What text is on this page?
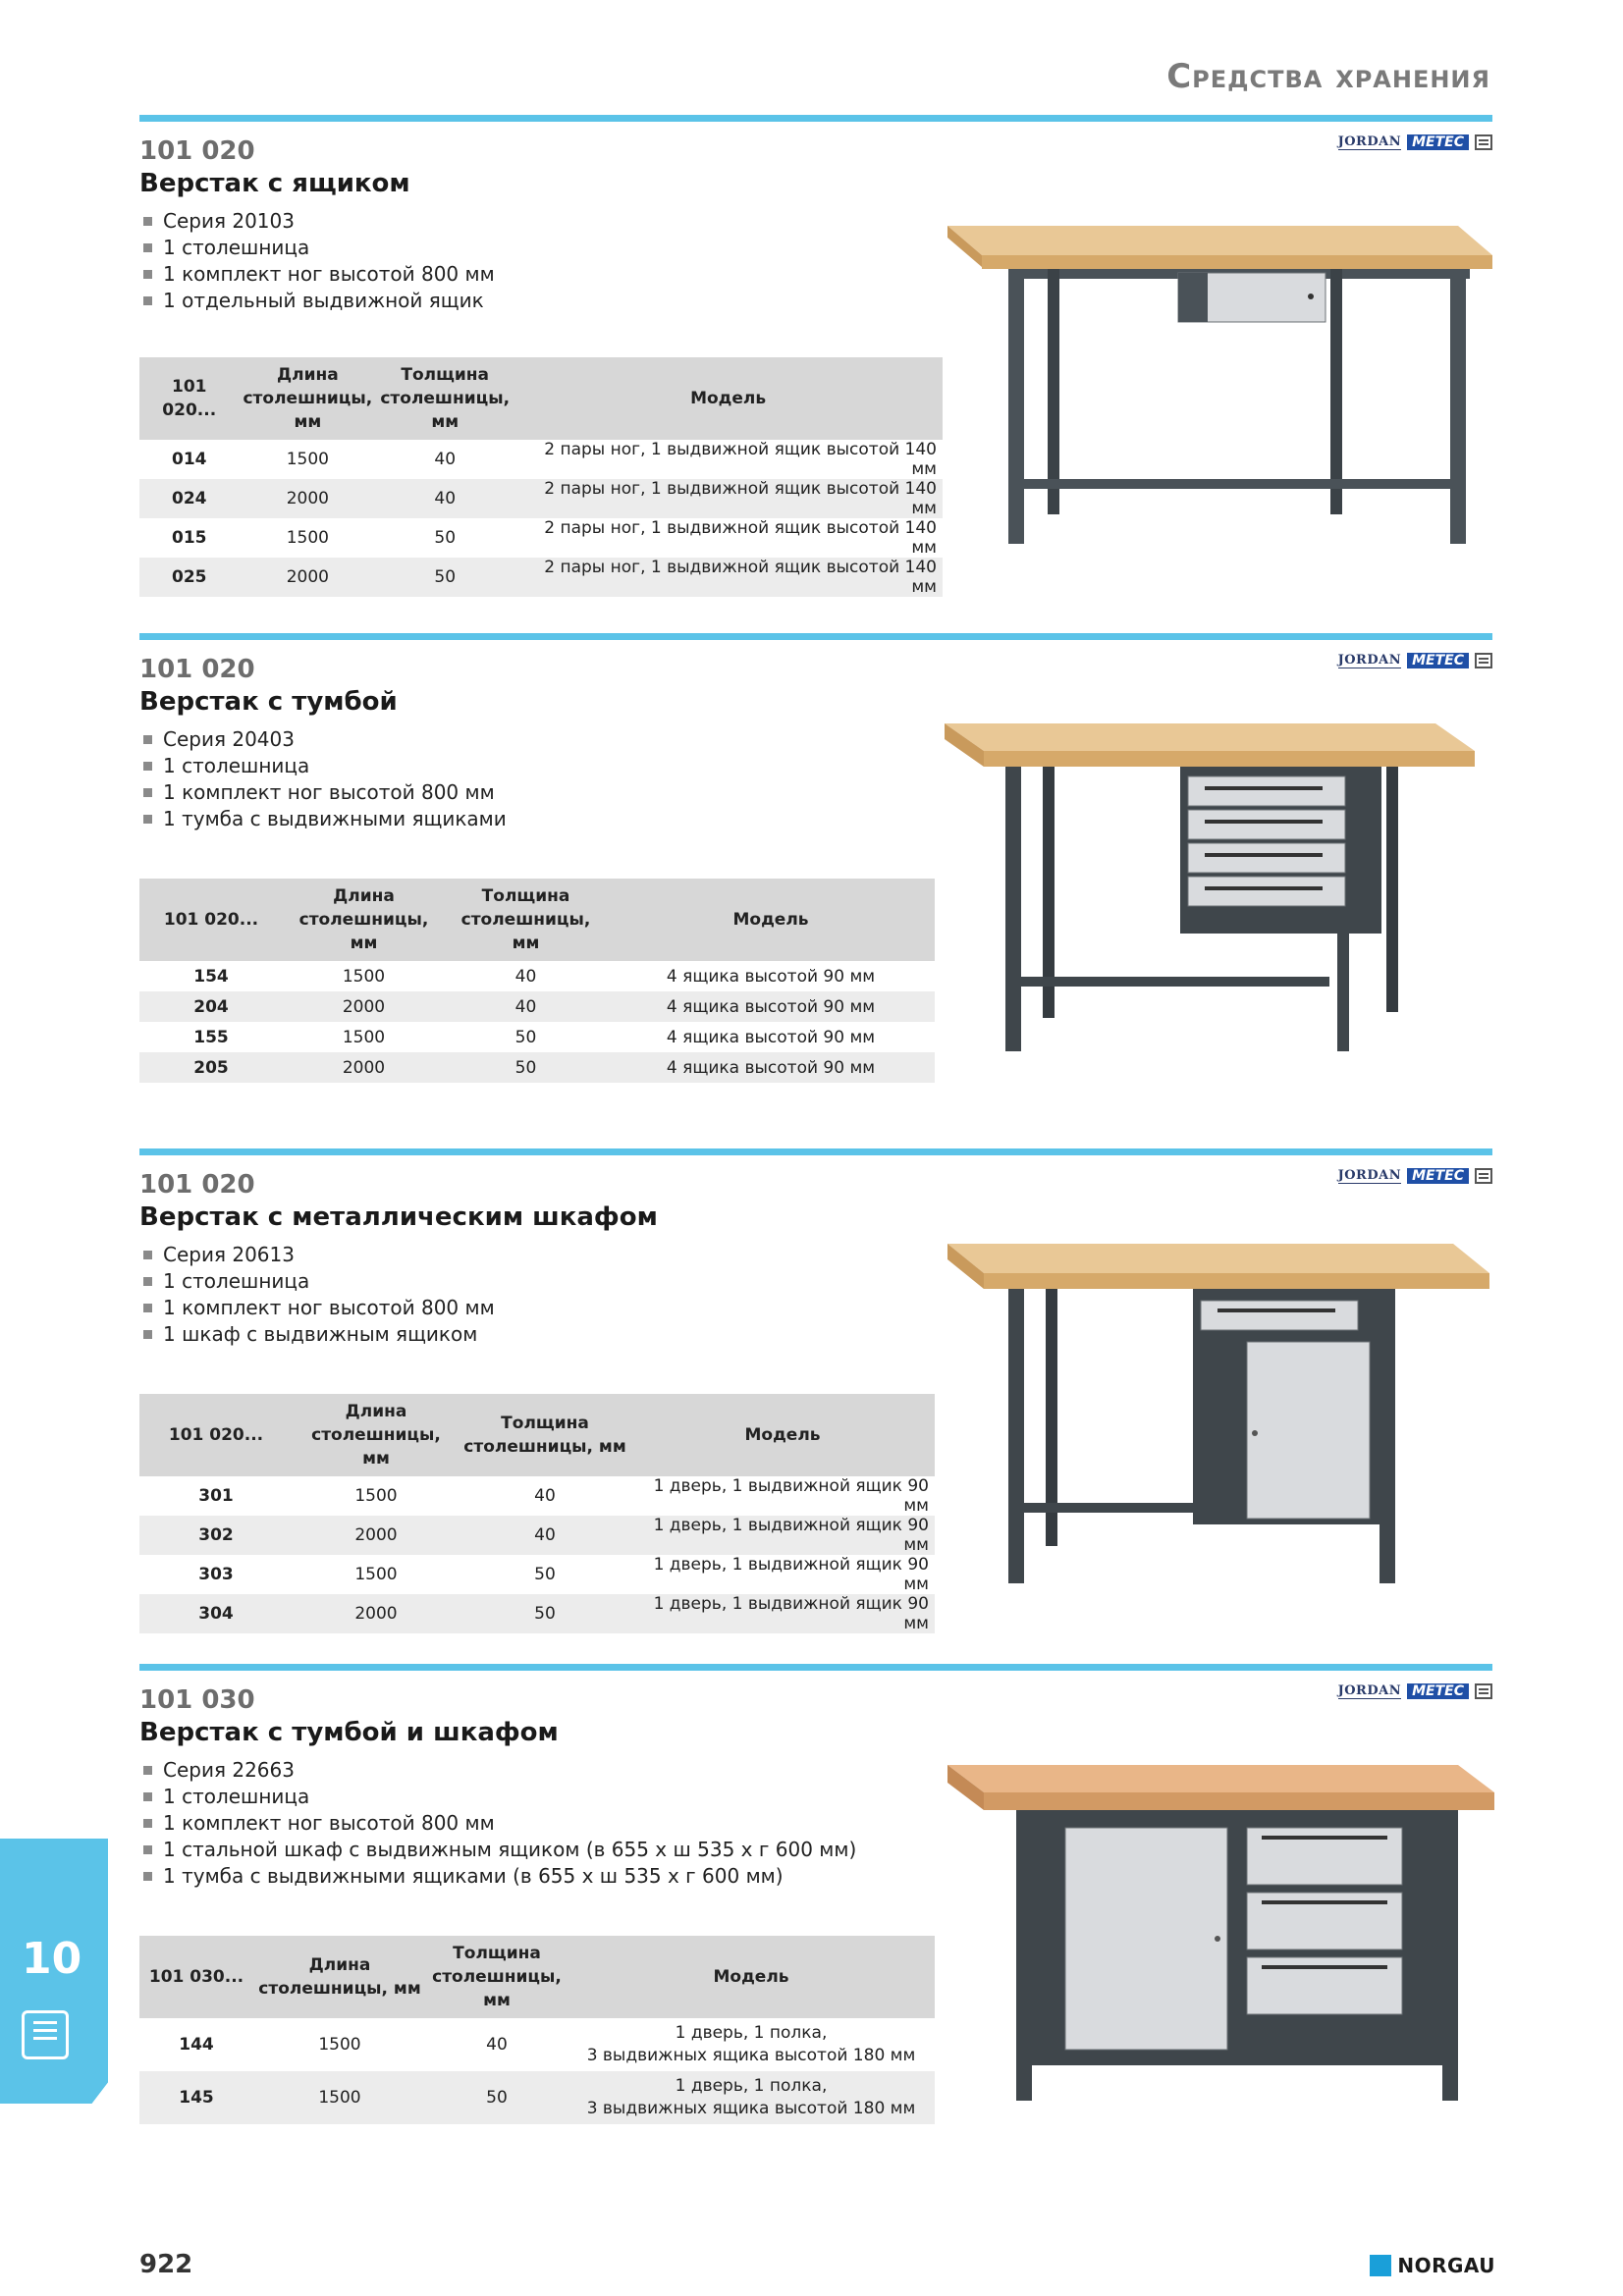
Средства хранения
101 020
Верстак с ящиком
JORDAN METEC
Серия 20103
1 столешница
1 комплект ног высотой 800 мм
1 отдельный выдвижной ящик
101 020...	Длина столешницы, мм	Толщина столешницы, мм	Модель
014	1500	40	2 пары ног, 1 выдвижной ящик высотой 140 мм
024	2000	40	2 пары ног, 1 выдвижной ящик высотой 140 мм
015	1500	50	2 пары ног, 1 выдвижной ящик высотой 140 мм
025	2000	50	2 пары ног, 1 выдвижной ящик высотой 140 мм
101 020
Верстак с тумбой
JORDAN METEC
Серия 20403
1 столешница
1 комплект ног высотой 800 мм
1 тумба с выдвижными ящиками
101 020...	Длина столешницы, мм	Толщина столешницы, мм	Модель
154	1500	40	4 ящика высотой 90 мм
204	2000	40	4 ящика высотой 90 мм
155	1500	50	4 ящика высотой 90 мм
205	2000	50	4 ящика высотой 90 мм
101 020
Верстак с металлическим шкафом
JORDAN METEC
Серия 20613
1 столешница
1 комплект ног высотой 800 мм
1 шкаф с выдвижным ящиком
101 020...	Длина столешницы, мм	Толщина столешницы, мм	Модель
301	1500	40	1 дверь, 1 выдвижной ящик 90 мм
302	2000	40	1 дверь, 1 выдвижной ящик 90 мм
303	1500	50	1 дверь, 1 выдвижной ящик 90 мм
304	2000	50	1 дверь, 1 выдвижной ящик 90 мм
101 030
Верстак с тумбой и шкафом
JORDAN METEC
Серия 22663
1 столешница
1 комплект ног высотой 800 мм
1 стальной шкаф с выдвижным ящиком (в 655 х ш 535 х г 600 мм)
1 тумба с выдвижными ящиками (в 655 х ш 535 х г 600 мм)
101 030...	Длина столешницы, мм	Толщина столешницы, мм	Модель
144	1500	40	1 дверь, 1 полка,
3 выдвижных ящика высотой 180 мм

145	1500	50	1 дверь, 1 полка,
3 выдвижных ящика высотой 180 мм
10
922	NORGAU
